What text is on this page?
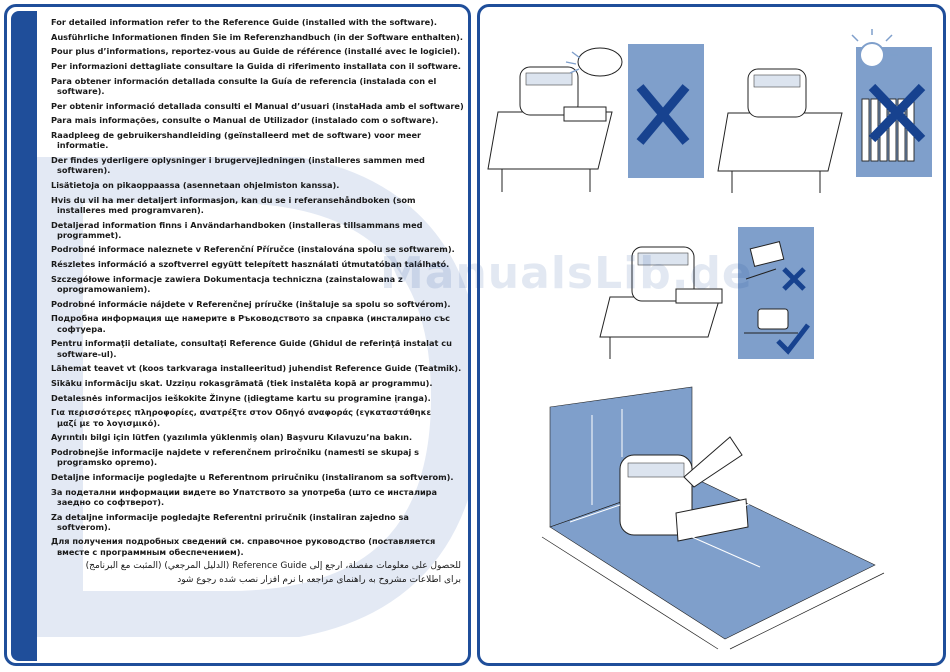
For detailed information refer to the Reference Guide (installed with the software).
Ausführliche Informationen finden Sie im Referenzhandbuch (in der Software enthalten).
Pour plus d’informations, reportez-vous au Guide de référence (installé avec le logiciel).
Per informazioni dettagliate consultare la Guida di riferimento installata con il software.
Para obtener información detallada consulte la Guía de referencia (instalada con el
software).
Per obtenir informació detallada consulti el Manual d’usuari (instaHada amb el software)
Para mais informações, consulte o Manual de Utilizador (instalado com o software).
Raadpleeg de gebruikershandleiding (geïnstalleerd met de software) voor meer
informatie.
Der findes yderligere oplysninger i brugervejledningen (installeres sammen med
softwaren).
Lisätietoja on pikaoppaassa (asennetaan ohjelmiston kanssa).
Hvis du vil ha mer detaljert informasjon, kan du se i referansehåndboken (som
installeres med programvaren).
Detaljerad information finns i Användarhandboken (installeras tillsammans med
programmet).
Podrobné informace naleznete v Referenční Příručce (instalována spolu se softwarem).
Részletes információ a szoftverrel együtt telepített használati útmutatóban található.
Szczegółowe informacje zawiera Dokumentacja techniczna (zainstalowana z
oprogramowaniem).
Podrobné informácie nájdete v Referenčnej príručke (inštaluje sa spolu so softvérom).
Подробна информация ще намерите в Ръководството за справка (инсталирано със
софтуера.
Pentru informaţii detaliate, consultaţi Reference Guide (Ghidul de referinţă instalat cu
software-ul).
Lähemat teavet vt (koos tarkvaraga installeeritud) juhendist Reference Guide (Teatmik).
Sīkāku informāciju skat. Uzziņu rokasgrāmatā (tiek instalēta kopā ar programmu).
Detalesnės informacijos ieškokite Žinyne (įdiegtame kartu su programine įranga).
Για περισσότερες πληροφορίες, ανατρέξτε στον Οδηγό αναφοράς (εγκαταστάθηκε
μαζί με το λογισμικό).
Ayrıntılı bilgi için lütfen (yazılımla yüklenmiş olan) Başvuru Kılavuzu’na bakın.
Podrobnejše informacije najdete v referenčnem priročniku (namesti se skupaj s
programsko opremo).
Detaljne informacije pogledajte u Referentnom priručniku (instaliranom sa softverom).
За подетални информации видете во Упатството за употреба (што се инсталира
заедно со софтверот).
Za detaljne informacije pogledajte Referentni priručnik (instaliran zajedno sa
softverom).
Для получения подробных сведений см. справочное руководство (поставляется
вместе с программным обеспечением).
للحصول على معلومات مفصلة، ارجع إلى Reference Guide (الدليل المرجعي) (المثبت مع البرنامج)
برای اطلاعات مشروح به راهنمای مراجعه با نرم افزار نصب شده رجوع شود
